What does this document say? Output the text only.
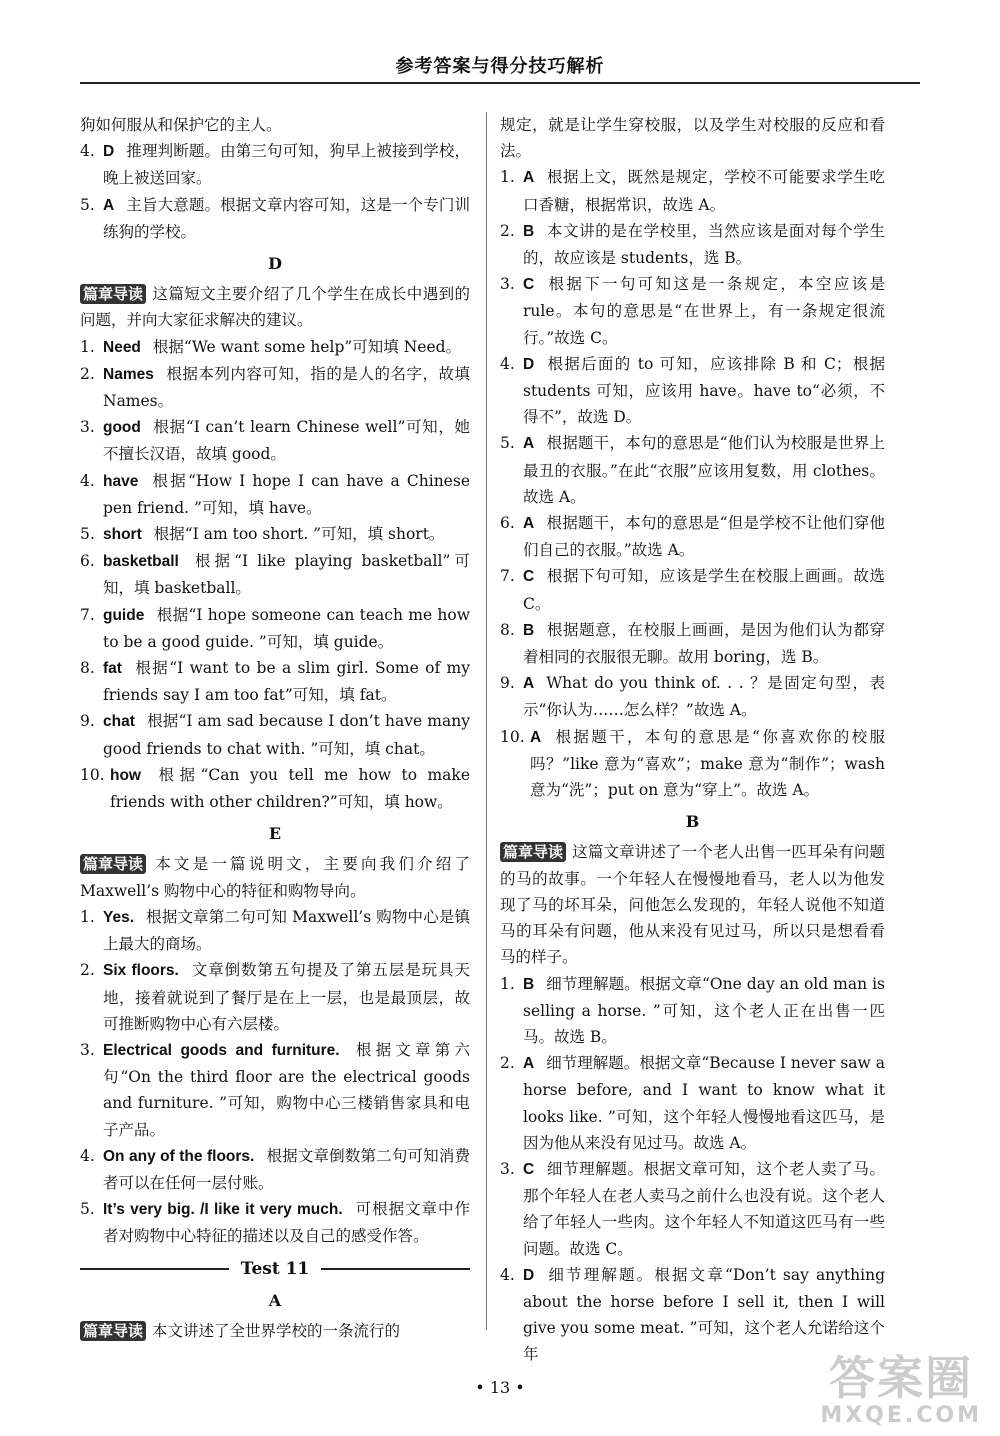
参考答案与得分技巧解析

狗如何服从和保护它的主人。

4. D 推理判断题。由第三句可知，狗早上被接到学校，晚上被送回家。
5. A 主旨大意题。根据文章内容可知，这是一个专门训练狗的学校。
D

篇章导读 这篇短文主要介绍了几个学生在成长中遇到的问题，并向大家征求解决的建议。

1. Need 根据“We want some help”可知填 Need。
2. Names 根据本列内容可知，指的是人的名字，故填 Names。
3. good 根据“I can’t learn Chinese well”可知，她不擅长汉语，故填 good。
4. have 根据“How I hope I can have a Chinese pen friend. ”可知，填 have。
5. short 根据“I am too short. ”可知，填 short。
6. basketball 根据“I like playing basketball”可知，填 basketball。
7. guide 根据“I hope someone can teach me how to be a good guide. ”可知，填 guide。
8. fat 根据“I want to be a slim girl. Some of my friends say I am too fat”可知，填 fat。
9. chat 根据“I am sad because I don’t have many good friends to chat with. ”可知，填 chat。
10. how 根据“Can you tell me how to make friends with other children?”可知，填 how。
E

篇章导读 本文是一篇说明文，主要向我们介绍了 Maxwell’s 购物中心的特征和购物导向。

1. Yes. 根据文章第二句可知 Maxwell’s 购物中心是镇上最大的商场。
2. Six floors. 文章倒数第五句提及了第五层是玩具天地，接着就说到了餐厅是在上一层，也是最顶层，故可推断购物中心有六层楼。
3. Electrical goods and furniture. 根据文章第六句“On the third floor are the electrical goods and furniture. ”可知，购物中心三楼销售家具和电子产品。
4. On any of the floors. 根据文章倒数第二句可知消费者可以在任何一层付账。
5. It’s very big. /I like it very much. 可根据文章中作者对购物中心特征的描述以及自己的感受作答。
Test 11
A

篇章导读 本文讲述了全世界学校的一条流行的

规定，就是让学生穿校服，以及学生对校服的反应和看法。

1. A 根据上文，既然是规定，学校不可能要求学生吃口香糖，根据常识，故选 A。
2. B 本文讲的是在学校里，当然应该是面对每个学生的，故应该是 students，选 B。
3. C 根据下一句可知这是一条规定，本空应该是 rule。本句的意思是“在世界上，有一条规定很流行。”故选 C。
4. D 根据后面的 to 可知，应该排除 B 和 C；根据 students 可知，应该用 have。have to“必须，不得不”，故选 D。
5. A 根据题干，本句的意思是“他们认为校服是世界上最丑的衣服。”在此“衣服”应该用复数，用 clothes。故选 A。
6. A 根据题干，本句的意思是“但是学校不让他们穿他们自己的衣服。”故选 A。
7. C 根据下句可知，应该是学生在校服上画画。故选 C。
8. B 根据题意，在校服上画画，是因为他们认为都穿着相同的衣服很无聊。故用 boring，选 B。
9. A What do you think of. . . ？是固定句型，表示“你认为……怎么样？”故选 A。
10. A 根据题干，本句的意思是“你喜欢你的校服吗？”like 意为“喜欢”；make 意为“制作”；wash 意为“洗”；put on 意为“穿上”。故选 A。
B

篇章导读 这篇文章讲述了一个老人出售一匹耳朵有问题的马的故事。一个年轻人在慢慢地看马，老人以为他发现了马的坏耳朵，问他怎么发现的，年轻人说他不知道马的耳朵有问题，他从来没有见过马，所以只是想看看马的样子。

1. B 细节理解题。根据文章“One day an old man is selling a horse. ”可知，这个老人正在出售一匹马。故选 B。
2. A 细节理解题。根据文章“Because I never saw a horse before, and I want to know what it looks like. ”可知，这个年轻人慢慢地看这匹马，是因为他从来没有见过马。故选 A。
3. C 细节理解题。根据文章可知，这个老人卖了马。那个年轻人在老人卖马之前什么也没有说。这个老人给了年轻人一些肉。这个年轻人不知道这匹马有一些问题。故选 C。
4. D 细节理解题。根据文章“Don’t say anything about the horse before I sell it, then I will give you some meat. ”可知，这个老人允诺给这个年
• 13 •	答案圈
MXQE.COM
